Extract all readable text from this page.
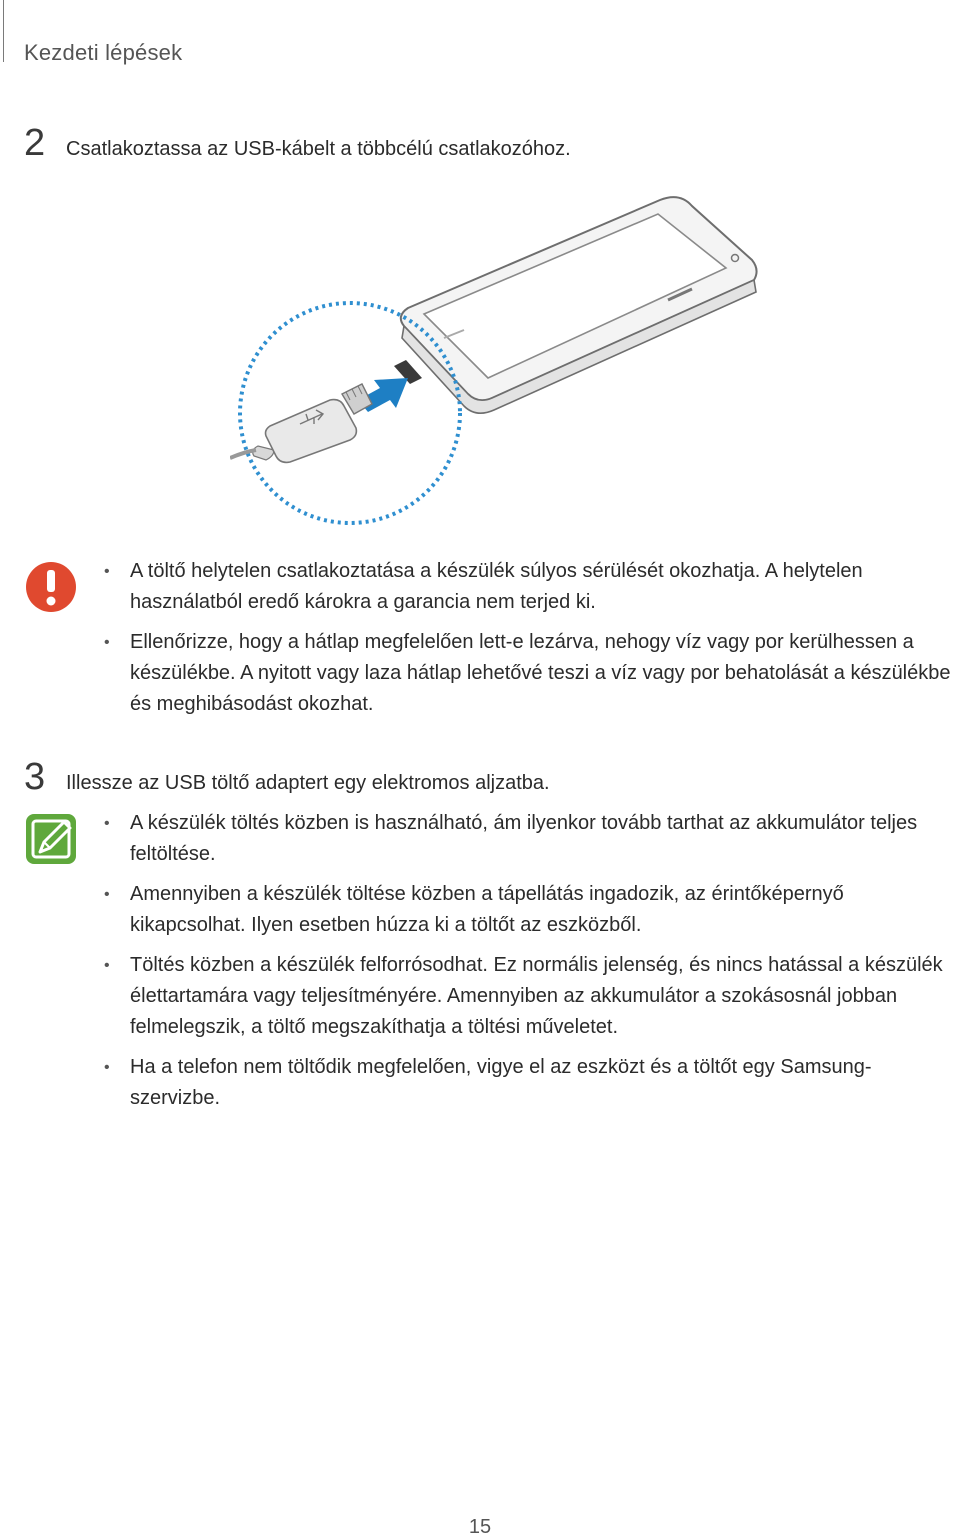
Kezdeti lépések
2	Csatlakoztassa az USB-kábelt a többcélú csatlakozóhoz.
• A töltő helytelen csatlakoztatása a készülék súlyos sérülését okozhatja. A helytelen használatból eredő károkra a garancia nem terjed ki.
• Ellenőrizze, hogy a hátlap megfelelően lett-e lezárva, nehogy víz vagy por kerülhessen a készülékbe. A nyitott vagy laza hátlap lehetővé teszi a víz vagy por behatolását a készülékbe és meghibásodást okozhat.
3	Illessze az USB töltő adaptert egy elektromos aljzatba.
• A készülék töltés közben is használható, ám ilyenkor tovább tarthat az akkumulátor teljes feltöltése.
• Amennyiben a készülék töltése közben a tápellátás ingadozik, az érintőképernyő kikapcsolhat. Ilyen esetben húzza ki a töltőt az eszközből.
• Töltés közben a készülék felforrósodhat. Ez normális jelenség, és nincs hatással a készülék élettartamára vagy teljesítményére. Amennyiben az akkumulátor a szokásosnál jobban felmelegszik, a töltő megszakíthatja a töltési műveletet.
• Ha a telefon nem töltődik megfelelően, vigye el az eszközt és a töltőt egy Samsung-szervizbe.
15
